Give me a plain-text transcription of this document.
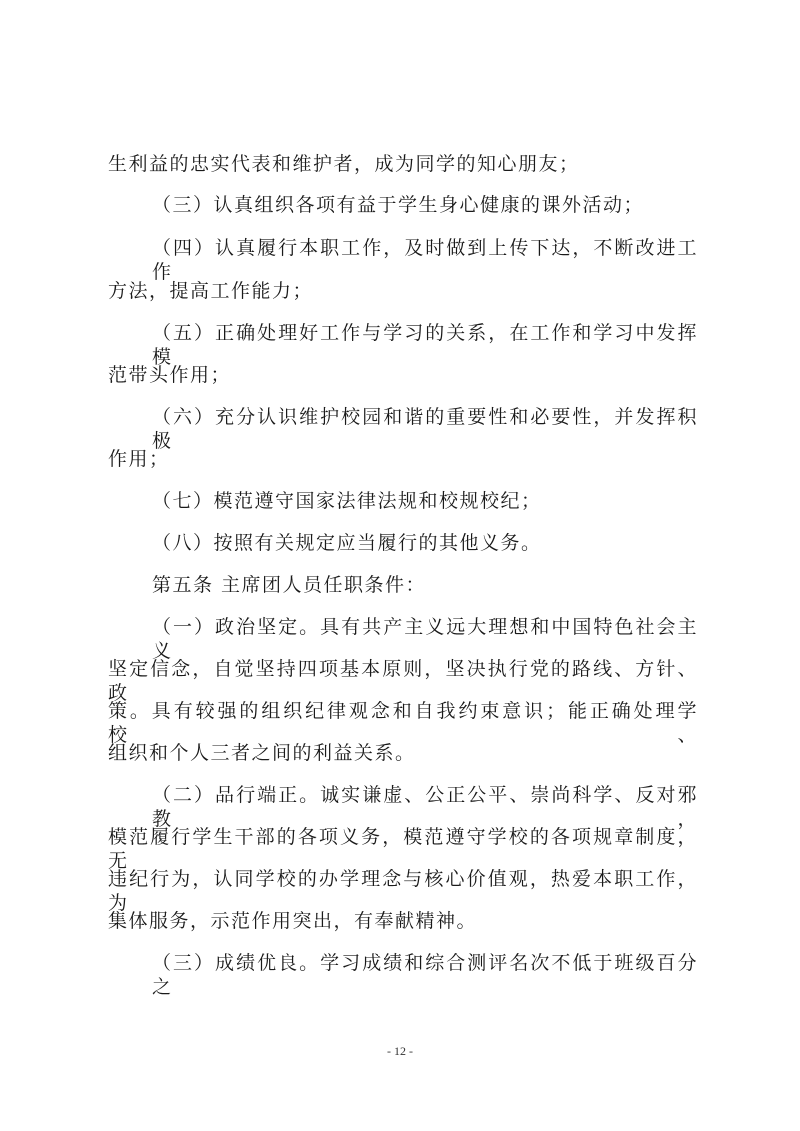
生利益的忠实代表和维护者，成为同学的知心朋友；
（三）认真组织各项有益于学生身心健康的课外活动；
（四）认真履行本职工作，及时做到上传下达，不断改进工作
方法，提高工作能力；
（五）正确处理好工作与学习的关系，在工作和学习中发挥模
范带头作用；
（六）充分认识维护校园和谐的重要性和必要性，并发挥积极
作用；
（七）模范遵守国家法律法规和校规校纪；
（八）按照有关规定应当履行的其他义务。
第五条 主席团人员任职条件：
（一）政治坚定。具有共产主义远大理想和中国特色社会主义
坚定信念，自觉坚持四项基本原则，坚决执行党的路线、方针、政
策。具有较强的组织纪律观念和自我约束意识；能正确处理学校、
组织和个人三者之间的利益关系。
（二）品行端正。诚实谦虚、公正公平、崇尚科学、反对邪教，
模范履行学生干部的各项义务，模范遵守学校的各项规章制度，无
违纪行为，认同学校的办学理念与核心价值观，热爱本职工作，为
集体服务，示范作用突出，有奉献精神。
（三）成绩优良。学习成绩和综合测评名次不低于班级百分之
- 12 -
